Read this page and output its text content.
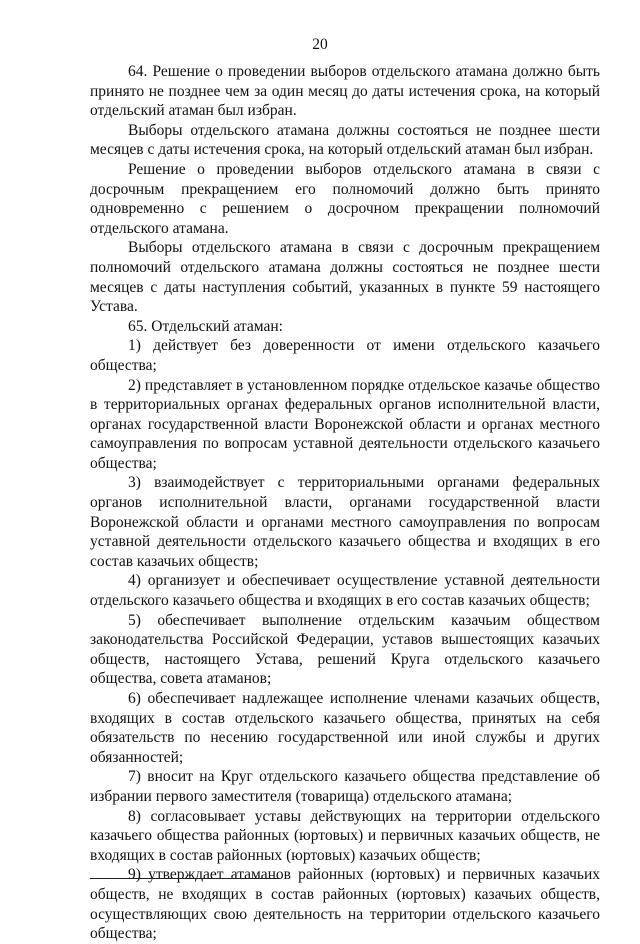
20

64. Решение о проведении выборов отдельского атамана должно быть принято не позднее чем за один месяц до даты истечения срока, на который отдельский атаман был избран.

Выборы отдельского атамана должны состояться не позднее шести месяцев с даты истечения срока, на который отдельский атаман был избран.

Решение о проведении выборов отдельского атамана в связи с досрочным прекращением его полномочий должно быть принято одновременно с решением о досрочном прекращении полномочий отдельского атамана.

Выборы отдельского атамана в связи с досрочным прекращением полномочий отдельского атамана должны состояться не позднее шести месяцев с даты наступления событий, указанных в пункте 59 настоящего Устава.

65. Отдельский атаман:

1) действует без доверенности от имени отдельского казачьего общества;

2) представляет в установленном порядке отдельское казачье общество в территориальных органах федеральных органов исполнительной власти, органах государственной власти Воронежской области и органах местного самоуправления по вопросам уставной деятельности отдельского казачьего общества;

3) взаимодействует с территориальными органами федеральных органов исполнительной власти, органами государственной власти Воронежской области и органами местного самоуправления по вопросам уставной деятельности отдельского казачьего общества и входящих в его состав казачьих обществ;

4) организует и обеспечивает осуществление уставной деятельности отдельского казачьего общества и входящих в его состав казачьих обществ;

5) обеспечивает выполнение отдельским казачьим обществом законодательства Российской Федерации, уставов вышестоящих казачьих обществ, настоящего Устава, решений Круга отдельского казачьего общества, совета атаманов;

6) обеспечивает надлежащее исполнение членами казачьих обществ, входящих в состав отдельского казачьего общества, принятых на себя обязательств по несению государственной или иной службы и других обязанностей;

7) вносит на Круг отдельского казачьего общества представление об избрании первого заместителя (товарища) отдельского атамана;

8) согласовывает уставы действующих на территории отдельского казачьего общества районных (юртовых) и первичных казачьих обществ, не входящих в состав районных (юртовых) казачьих обществ;

9) утверждает атаманов районных (юртовых) и первичных казачьих обществ, не входящих в состав районных (юртовых) казачьих обществ, осуществляющих свою деятельность на территории отдельского казачьего общества;
